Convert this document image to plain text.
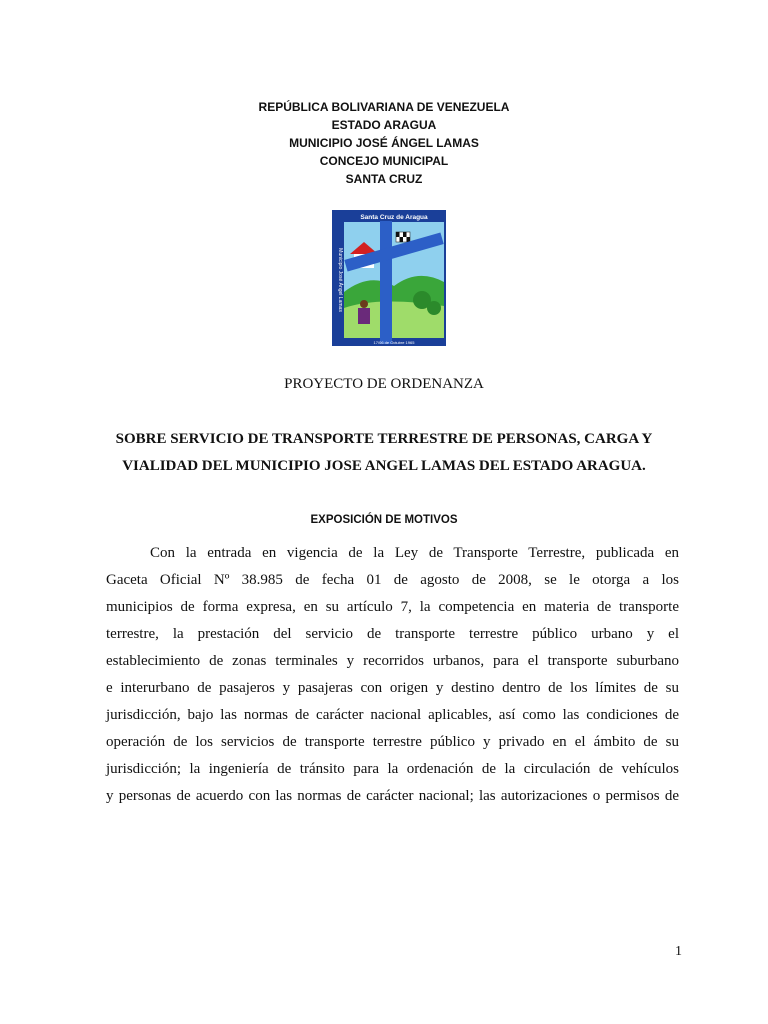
REPÚBLICA BOLIVARIANA DE VENEZUELA
ESTADO ARAGUA
MUNICIPIO JOSÉ ÁNGEL LAMAS
CONCEJO MUNICIPAL
SANTA CRUZ
Santa Cruz de Aragua
Municipio José Ángel Lamas
17/06 de Octubre 1965
PROYECTO DE ORDENANZA
SOBRE SERVICIO DE TRANSPORTE TERRESTRE DE PERSONAS, CARGA Y
VIALIDAD DEL MUNICIPIO JOSE ANGEL LAMAS DEL ESTADO ARAGUA.
EXPOSICIÓN DE MOTIVOS
Con la entrada en vigencia de la Ley de Transporte Terrestre, publicada en
Gaceta Oficial Nº 38.985 de fecha 01 de agosto de 2008, se le otorga a los
municipios de forma expresa, en su artículo 7, la competencia en materia de transporte
terrestre, la prestación del servicio de transporte terrestre público urbano y el
establecimiento de zonas terminales y recorridos urbanos, para el transporte suburbano
e interurbano de pasajeros y pasajeras con origen y destino dentro de los límites de su
jurisdicción, bajo las normas de carácter nacional aplicables, así como las condiciones de
operación de los servicios de transporte terrestre público y privado en el ámbito de su
jurisdicción; la ingeniería de tránsito para la ordenación de la circulación de vehículos
y personas de acuerdo con las normas de carácter nacional; las autorizaciones o permisos de
1
